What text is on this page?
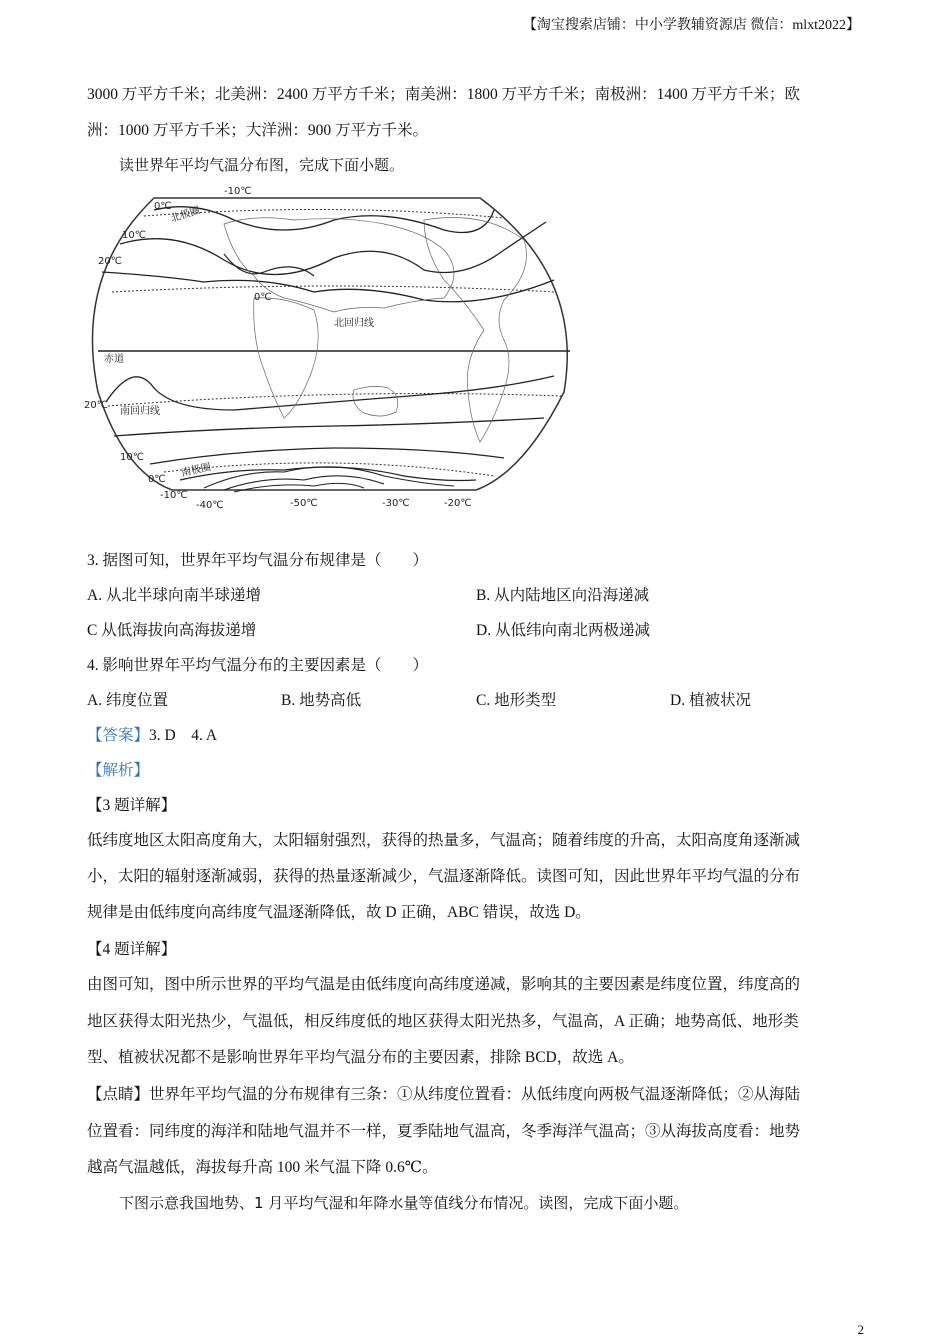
【淘宝搜索店铺：中小学教辅资源店 微信：mlxt2022】
3000 万平方千米；北美洲：2400 万平方千米；南美洲：1800 万平方千米；南极洲：1400 万平方千米；欧
洲：1000 万平方千米；大洋洲：900 万平方千米。
读世界年平均气温分布图，完成下面小题。
-10℃
0℃
10℃
20℃
20℃
10℃
0℃
-10℃
北极圈
北回归线
赤道
南回归线
南极圈
0℃
-40℃	-50℃	-30℃	-20℃
3. 据图可知，世界年平均气温分布规律是（　　）
A. 从北半球向南半球递增	B. 从内陆地区向沿海递减
C 从低海拔向高海拔递增	D. 从低纬向南北两极递减
4. 影响世界年平均气温分布的主要因素是（　　）
A. 纬度位置	B. 地势高低	C. 地形类型	D. 植被状况
【答案】3. D　4. A
【解析】
【3 题详解】
低纬度地区太阳高度角大，太阳辐射强烈，获得的热量多，气温高；随着纬度的升高，太阳高度角逐渐减
小，太阳的辐射逐渐减弱，获得的热量逐渐减少，气温逐渐降低。读图可知，因此世界年平均气温的分布
规律是由低纬度向高纬度气温逐渐降低，故 D 正确，ABC 错误，故选 D。
【4 题详解】
由图可知，图中所示世界的平均气温是由低纬度向高纬度递减，影响其的主要因素是纬度位置，纬度高的
地区获得太阳光热少，气温低，相反纬度低的地区获得太阳光热多，气温高，A 正确；地势高低、地形类
型、植被状况都不是影响世界年平均气温分布的主要因素，排除 BCD，故选 A。
【点睛】世界年平均气温的分布规律有三条：①从纬度位置看：从低纬度向两极气温逐渐降低；②从海陆
位置看：同纬度的海洋和陆地气温并不一样，夏季陆地气温高，冬季海洋气温高；③从海拔高度看：地势
越高气温越低，海拔每升高 100 米气温下降 0.6℃。
下图示意我国地势、1 月平均气湿和年降水量等值线分布情况。读图，完成下面小题。
2
